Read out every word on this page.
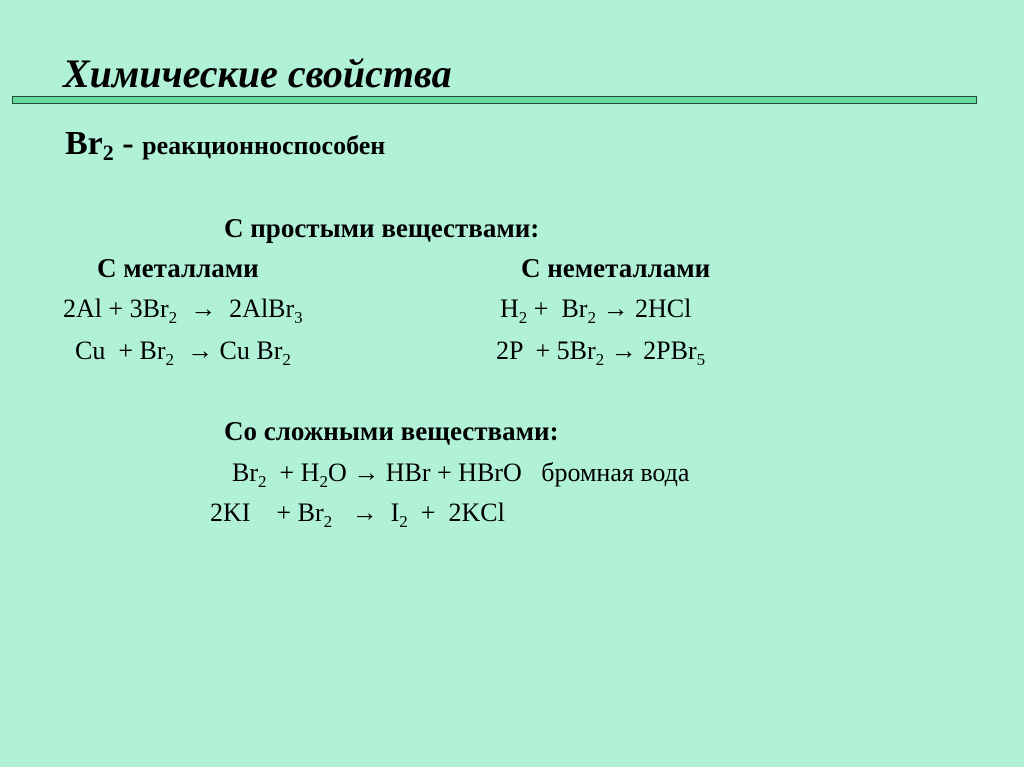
Химические свойства
$Br_2$ - реакционноспособен
С простыми веществами:
С металлами	С неметаллами
$2Al + 3Br_2$  →  2AlBr$_3$
$Cu + Br_2 \to Cu$ $Br_2$
$H_2 + Br_2 \to 2HCl$
$2P + 5Br_2 \to 2PBr_5$
Со сложными веществами:
$Br_2 + H_2O$ → HBr + HBrO   бромная вода
2KI    + $Br_2 \to I_2 + 2KCl$
